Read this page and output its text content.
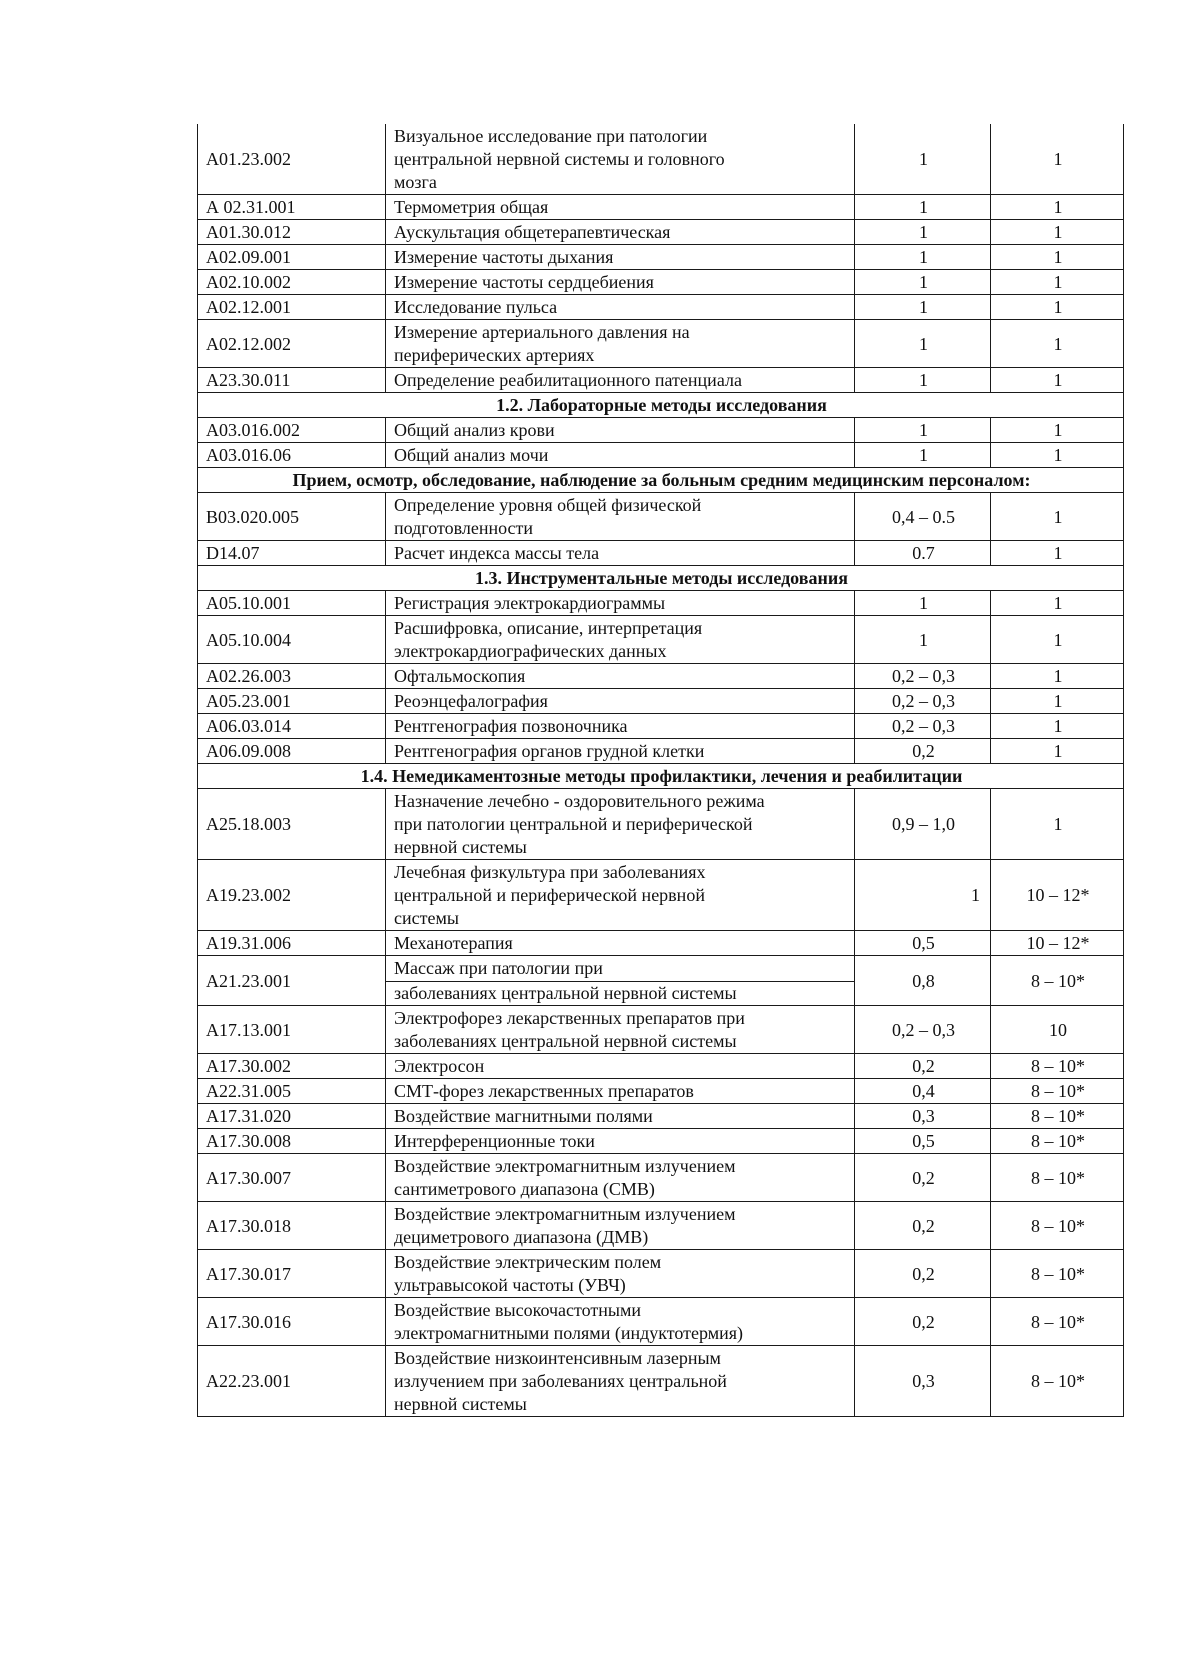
А01.23.002	Визуальное исследование при патологии
центральной нервной системы и головного
мозга	1	1
А 02.31.001	Термометрия общая	1	1
А01.30.012	Аускультация общетерапевтическая	1	1
А02.09.001	Измерение частоты дыхания	1	1
А02.10.002	Измерение частоты сердцебиения	1	1
А02.12.001	Исследование пульса	1	1
А02.12.002	Измерение артериального давления на
периферических артериях	1	1
А23.30.011	Определение реабилитационного патенциала	1	1
1.2. Лабораторные методы исследования			
А03.016.002	Общий анализ крови	1	1
А03.016.06	Общий анализ мочи	1	1
Прием, осмотр, обследование, наблюдение за больным средним медицинским персоналом:			
В03.020.005	Определение уровня общей физической
подготовленности	0,4 – 0.5	1
D14.07	Расчет индекса массы тела	0.7	1
1.3. Инструментальные методы исследования			
А05.10.001	Регистрация электрокардиограммы	1	1
А05.10.004	Расшифровка, описание, интерпретация
электрокардиографических данных	1	1
А02.26.003	Офтальмоскопия	0,2 – 0,3	1
А05.23.001	Реоэнцефалография	0,2 – 0,3	1
А06.03.014	Рентгенография позвоночника	0,2 – 0,3	1
А06.09.008	Рентгенография органов грудной клетки	0,2	1
1.4. Немедикаментозные методы профилактики, лечения и реабилитации			
А25.18.003	Назначение лечебно - оздоровительного режима
при патологии центральной и периферической
нервной системы	0,9 – 1,0	1
А19.23.002	Лечебная физкультура при заболеваниях
центральной и периферической нервной
системы	1	10 – 12*
А19.31.006	Механотерапия	0,5	10 – 12*
А21.23.001	Массаж при патологии при
заболеваниях центральной нервной системы	0,8	8 – 10*
А17.13.001	Электрофорез лекарственных препаратов при
заболеваниях центральной нервной системы	0,2 – 0,3	10
А17.30.002	Электросон	0,2	8 – 10*
А22.31.005	СМТ-форез лекарственных препаратов	0,4	8 – 10*
А17.31.020	Воздействие магнитными полями	0,3	8 – 10*
А17.30.008	Интерференционные токи	0,5	8 – 10*
А17.30.007	Воздействие электромагнитным излучением
сантиметрового диапазона (СМВ)	0,2	8 – 10*
А17.30.018	Воздействие электромагнитным излучением
дециметрового диапазона (ДМВ)	0,2	8 – 10*
А17.30.017	Воздействие электрическим полем
ультравысокой частоты (УВЧ)	0,2	8 – 10*
А17.30.016	Воздействие высокочастотными
электромагнитными полями (индуктотермия)	0,2	8 – 10*
А22.23.001	Воздействие низкоинтенсивным лазерным
излучением при заболеваниях центральной
нервной системы	0,3	8 – 10*
